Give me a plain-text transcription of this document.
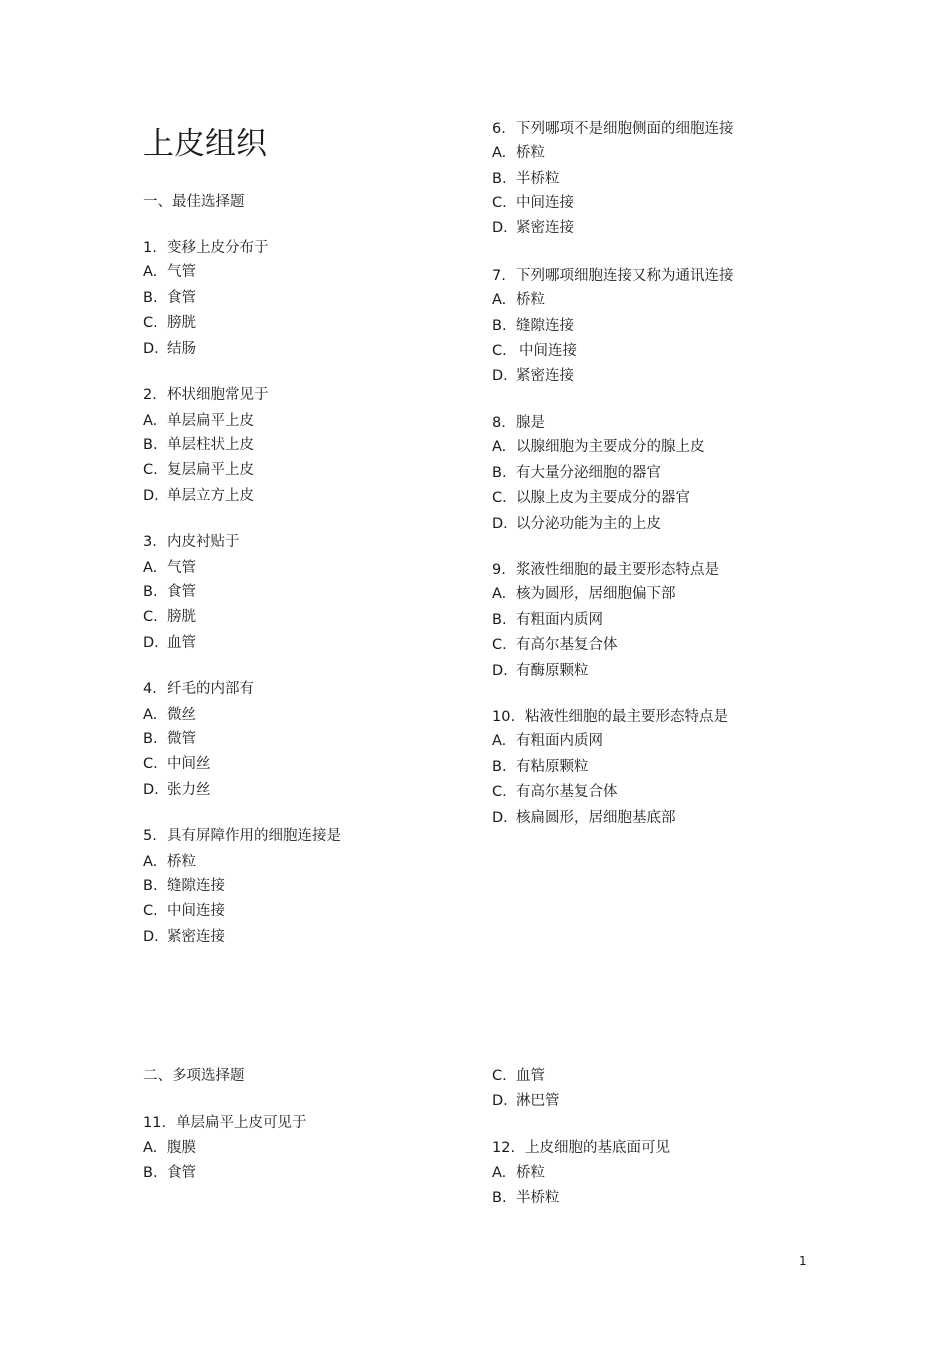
上皮组织
一、最佳选择题
1. 变移上皮分布于
A. 气管
B. 食管
C. 膀胱
D. 结肠
2. 杯状细胞常见于
A. 单层扁平上皮
B. 单层柱状上皮
C. 复层扁平上皮
D. 单层立方上皮
3. 内皮衬贴于
A. 气管
B. 食管
C. 膀胱
D. 血管
4. 纤毛的内部有
A. 微丝
B. 微管
C. 中间丝
D. 张力丝
5. 具有屏障作用的细胞连接是
A. 桥粒
B. 缝隙连接
C. 中间连接
D. 紧密连接
6. 下列哪项不是细胞侧面的细胞连接
A. 桥粒
B. 半桥粒
C. 中间连接
D. 紧密连接
7. 下列哪项细胞连接又称为通讯连接
A. 桥粒
B. 缝隙连接
C. 中间连接
D. 紧密连接
8. 腺是
A. 以腺细胞为主要成分的腺上皮
B. 有大量分泌细胞的器官
C. 以腺上皮为主要成分的器官
D. 以分泌功能为主的上皮
9. 浆液性细胞的最主要形态特点是
A. 核为圆形，居细胞偏下部
B. 有粗面内质网
C. 有高尔基复合体
D. 有酶原颗粒
10. 粘液性细胞的最主要形态特点是
A. 有粗面内质网
B. 有粘原颗粒
C. 有高尔基复合体
D. 核扁圆形，居细胞基底部
二、多项选择题
11. 单层扁平上皮可见于
A. 腹膜
B. 食管
C. 血管
D. 淋巴管
12. 上皮细胞的基底面可见
A. 桥粒
B. 半桥粒
1
